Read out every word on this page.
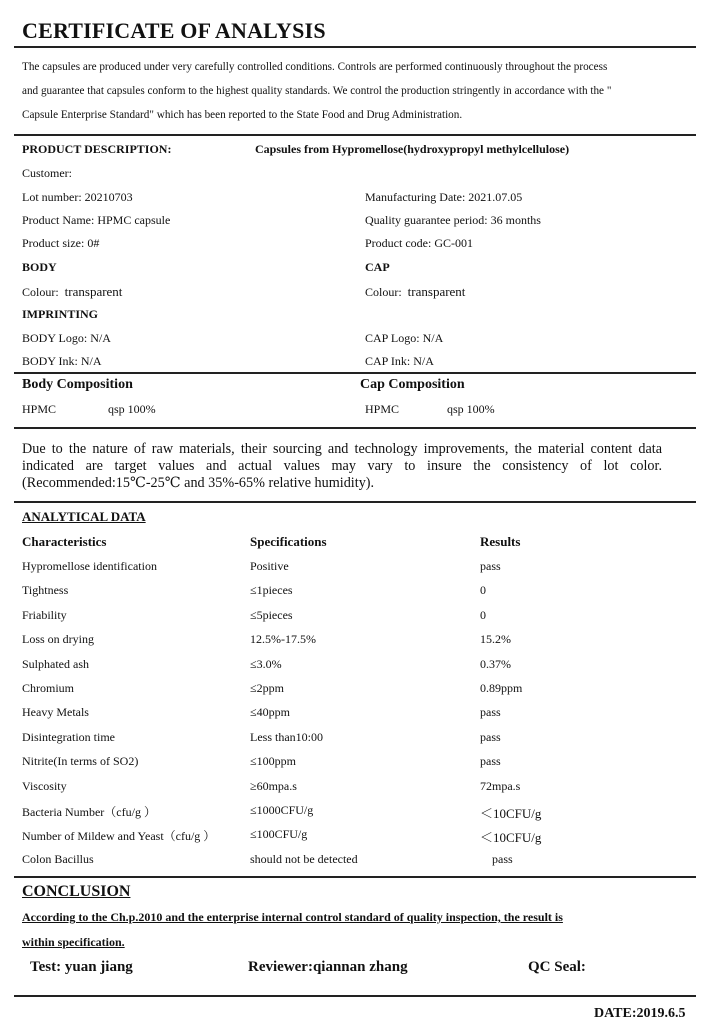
CERTIFICATE OF ANALYSIS
The capsules are produced under very carefully controlled conditions. Controls are performed continuously throughout the process
and guarantee that capsules conform to the highest quality standards. We control the production stringently in accordance with the "
Capsule Enterprise Standard" which has been reported to the State Food and Drug Administration.
PRODUCT DESCRIPTION:	Capsules from Hypromellose(hydroxypropyl methylcellulose)
Customer:
Lot number: 20210703	Manufacturing Date: 2021.07.05
Product Name: HPMC capsule	Quality guarantee period: 36 months
Product size: 0#	Product code: GC-001
BODY	CAP
Colour: transparent	Colour: transparent
IMPRINTING
BODY Logo: N/A	CAP Logo: N/A
BODY Ink: N/A	CAP Ink: N/A
Body Composition	Cap Composition
HPMC	qsp 100%	HPMC	qsp 100%
Due to the nature of raw materials, their sourcing and technology improvements, the material content data
indicated are target values and actual values may vary to insure the consistency of lot color.
(Recommended:15℃-25℃ and 35%-65% relative humidity).
ANALYTICAL DATA
Characteristics	Specifications	Results
Hypromellose identification	Positive	pass
Tightness	≤1pieces	0
Friability	≤5pieces	0
Loss on drying	12.5%-17.5%	15.2%
Sulphated ash	≤3.0%	0.37%
Chromium	≤2ppm	0.89ppm
Heavy Metals	≤40ppm	pass
Disintegration time	Less than10:00	pass
Nitrite(In terms of SO2)	≤100ppm	pass
Viscosity	≥60mpa.s	72mpa.s
Bacteria Number（cfu/g ）	≤1000CFU/g	＜10CFU/g
Number of Mildew and Yeast（cfu/g ）	≤100CFU/g	＜10CFU/g
Colon Bacillus	should not be detected	pass
CONCLUSION
According to the Ch.p.2010 and the enterprise internal control standard of quality inspection, the result is
within specification.
Test: yuan jiang	Reviewer:qiannan zhang	QC Seal:
DATE:2019.6.5
